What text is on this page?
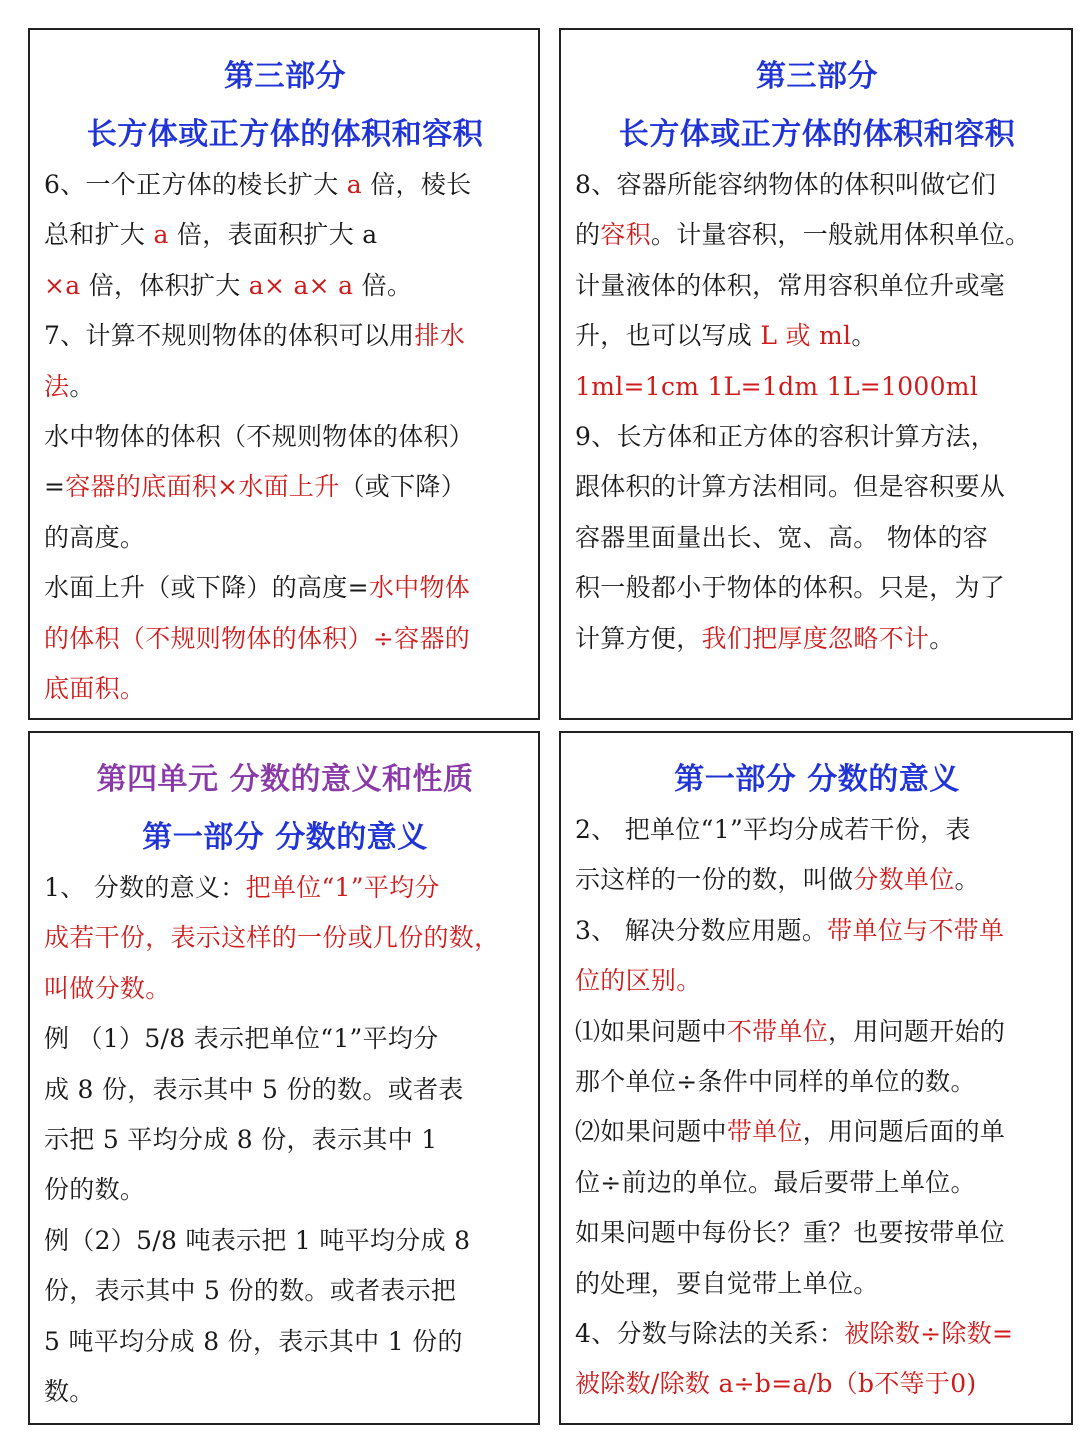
第三部分
长方体或正方体的体积和容积
6、一个正方体的棱长扩大 a 倍，棱长
总和扩大 a 倍，表面积扩大 a
×a 倍，体积扩大 a× a× a 倍。
7、计算不规则物体的体积可以用排水
法。
水中物体的体积（不规则物体的体积）
=容器的底面积×水面上升（或下降）
的高度。
水面上升（或下降）的高度=水中物体
的体积（不规则物体的体积）÷容器的
底面积。
第三部分
长方体或正方体的体积和容积
8、容器所能容纳物体的体积叫做它们
的容积。计量容积，一般就用体积单位。
计量液体的体积，常用容积单位升或毫
升，也可以写成 L 或 ml。
1ml=1cm 1L=1dm 1L=1000ml
9、长方体和正方体的容积计算方法，
跟体积的计算方法相同。但是容积要从
容器里面量出长、宽、高。 物体的容
积一般都小于物体的体积。只是，为了
计算方便，我们把厚度忽略不计。
第四单元 分数的意义和性质
第一部分 分数的意义
1、 分数的意义：把单位“1”平均分
成若干份，表示这样的一份或几份的数，
叫做分数。
例 （1）5/8 表示把单位“1”平均分
成 8 份，表示其中 5 份的数。或者表
示把 5 平均分成 8 份，表示其中 1
份的数。
例（2）5/8 吨表示把 1 吨平均分成 8
份，表示其中 5 份的数。或者表示把
5 吨平均分成 8 份，表示其中 1 份的
数。
第一部分 分数的意义
2、 把单位“1”平均分成若干份，表
示这样的一份的数，叫做分数单位。
3、 解决分数应用题。带单位与不带单
位的区别。
⑴如果问题中不带单位，用问题开始的
那个单位÷条件中同样的单位的数。
⑵如果问题中带单位，用问题后面的单
位÷前边的单位。最后要带上单位。
如果问题中每份长？重？也要按带单位
的处理，要自觉带上单位。
4、分数与除法的关系：被除数÷除数=
被除数/除数 a÷b=a/b（b不等于0)
